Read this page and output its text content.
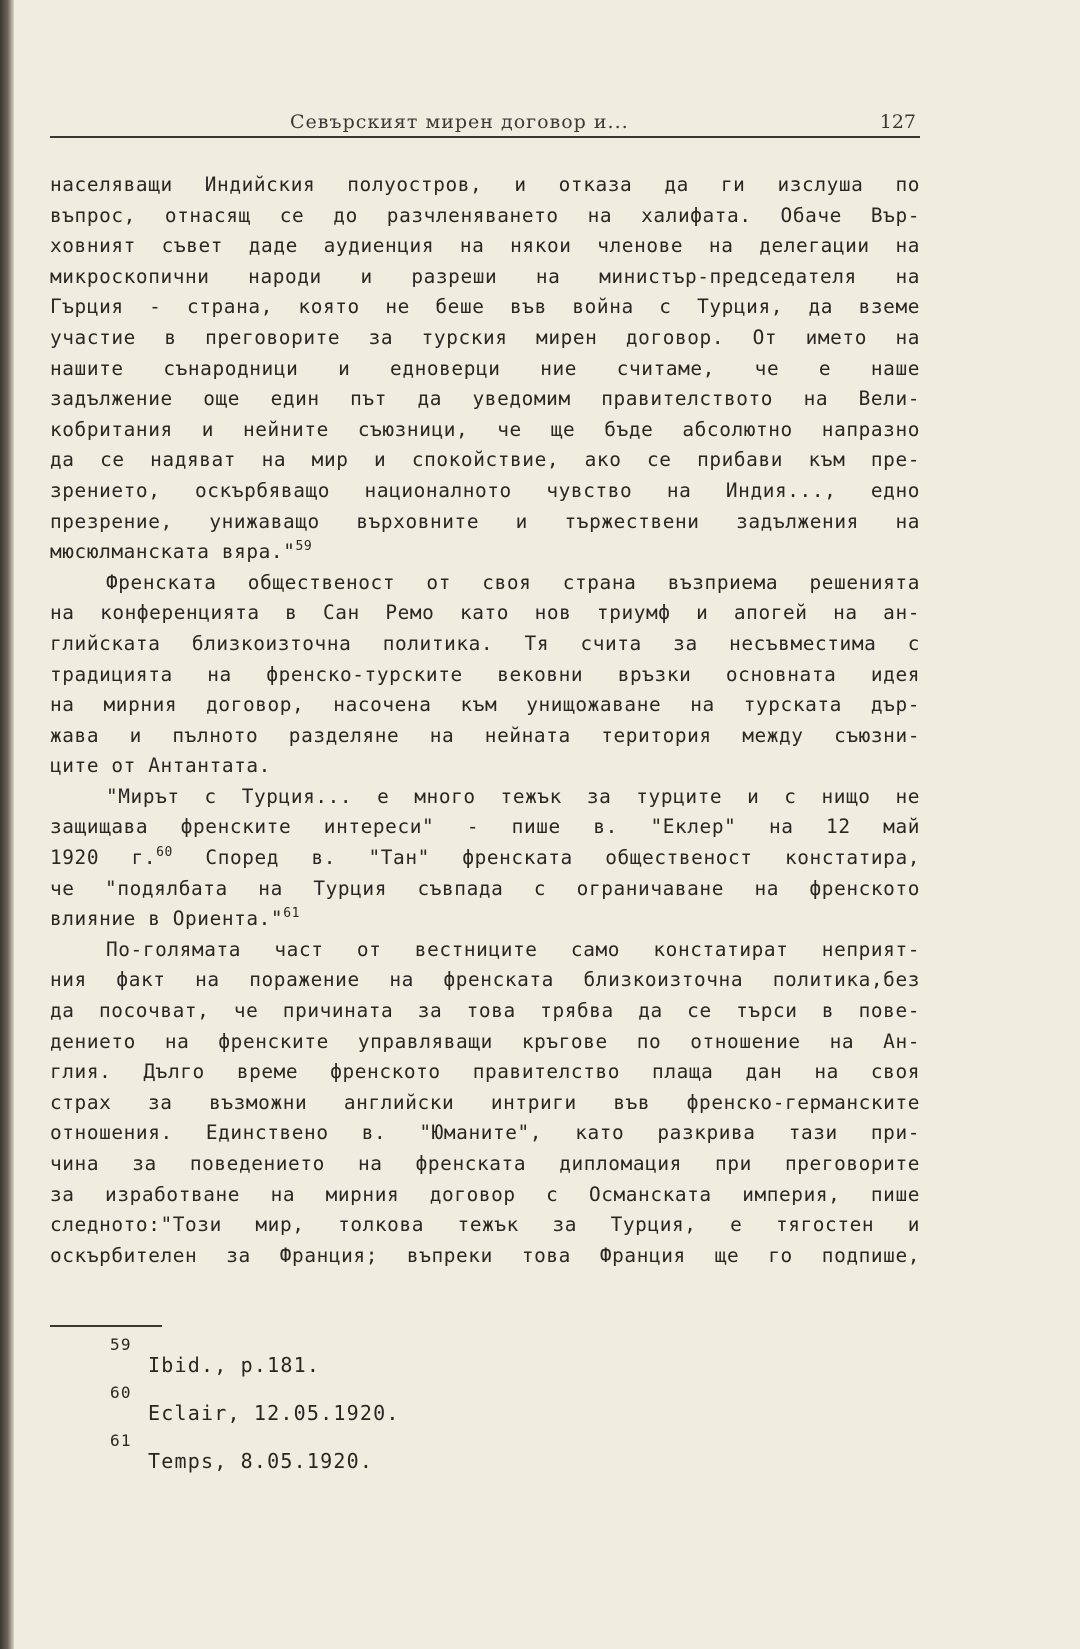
Севърският мирен договор и...	127

населяващи Индийския полуостров, и отказа да ги изслуша по
въпрос, отнасящ се до разчленяването на халифата. Обаче Вър-
ховният съвет даде аудиенция на някои членове на делегации на
микроскопични народи и разреши на министър-председателя на
Гърция - страна, която не беше във война с Турция, да вземе
участие в преговорите за турския мирен договор. От името на
нашите сънародници и едноверци ние считаме, че е наше
задължение още един път да уведомим правителството на Вели-
кобритания и нейните съюзници, че ще бъде абсолютно напразно
да се надяват на мир и спокойствие, ако се прибави към пре-
зрението, оскърбяващо националното чувство на Индия..., едно
презрение, унижаващо върховните и тържествени задължения на
мюсюлманската вяра."$^{59}$

Френската общественост от своя страна възприема решенията
на конференцията в Сан Ремо като нов триумф и апогей на ан-
глийската близкоизточна политика. Тя счита за несъвместима с
традицията на френско-турските вековни връзки основната идея
на мирния договор, насочена към унищожаване на турската дър-
жава и пълното разделяне на нейната територия между съюзни-
ците от Антантата.

"Мирът с Турция... е много тежък за турците и с нищо не
защищава френските интереси" - пише в. "Еклер" на 12 май
1920 г.$^{60}$ Според в. "Тан" френската общественост констатира,
че "подялбата на Турция съвпада с ограничаване на френското
влияние в Ориента."$^{61}$

По-голямата част от вестниците само констатират неприят-
ния факт на поражение на френската близкоизточна политика,без
да посочват, че причината за това трябва да се търси в пове-
дението на френските управляващи кръгове по отношение на Ан-
глия. Дълго време френското правителство плаща дан на своя
страх за възможни английски интриги във френско-германските
отношения. Единствено в. "Юманите", като разкрива тази при-
чина за поведението на френската дипломация при преговорите
за изработване на мирния договор с Османската империя, пише
следното:"Този мир, толкова тежък за Турция, е тягостен и
оскърбителен за Франция; въпреки това Франция ще го подпише,

59
Ibid., p.181.
60
Eclair, 12.05.1920.
61
Temps, 8.05.1920.
